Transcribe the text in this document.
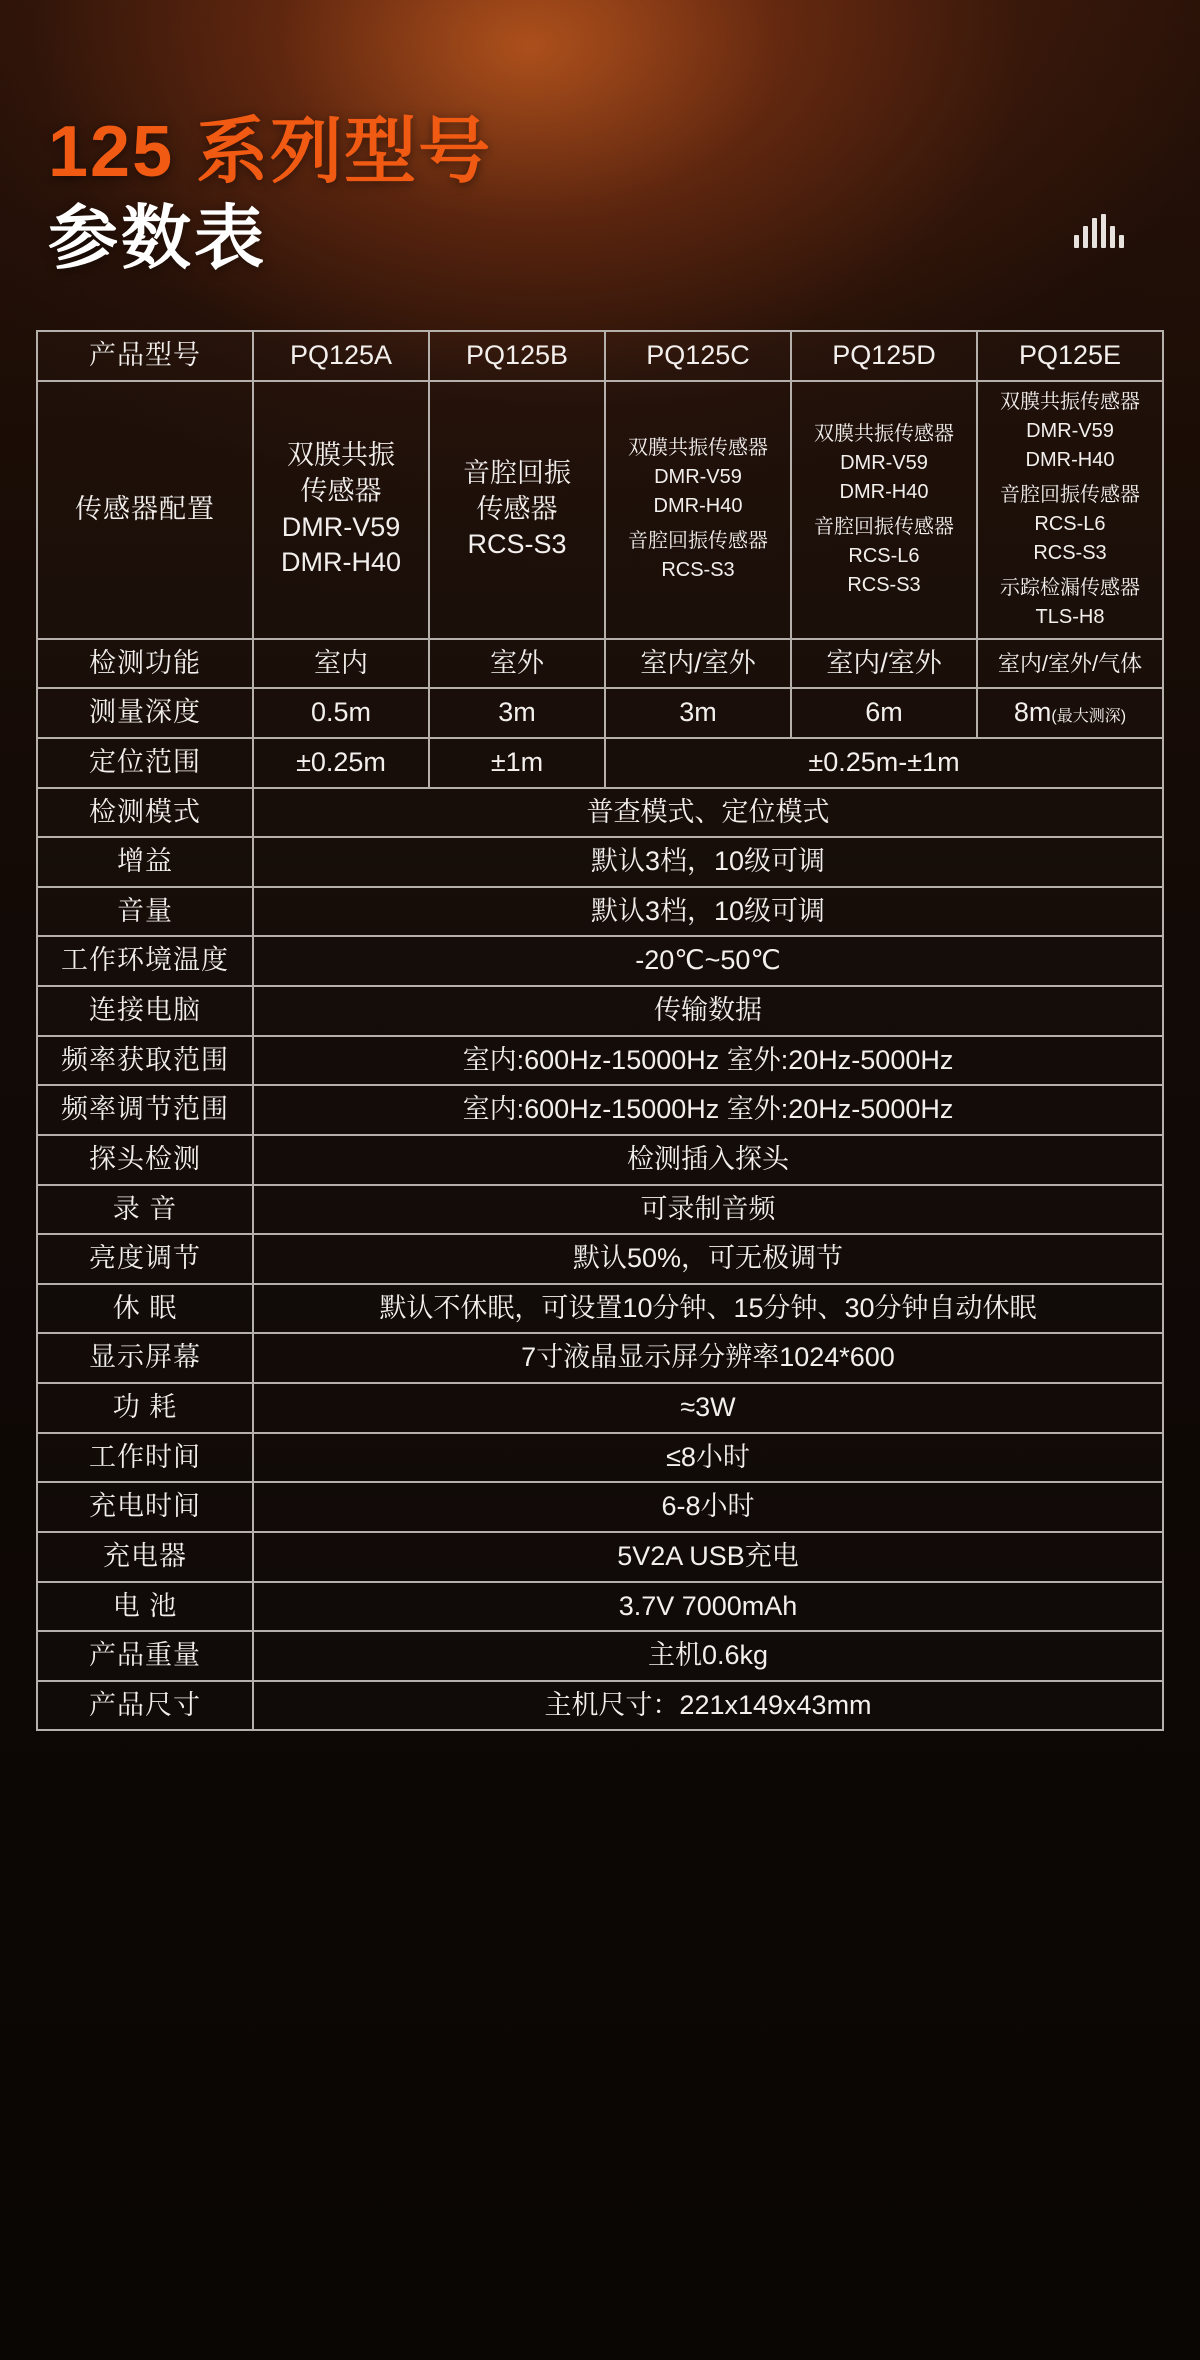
125 系列型号
参数表
产品型号	PQ125A	PQ125B	PQ125C	PQ125D	PQ125E
传感器配置	
双膜共振
传感器
DMR-V59
DMR-H40

音腔回振
传感器
RCS-S3

双膜共振传感器
DMR-V59
DMR-H40
音腔回振传感器
RCS-S3

双膜共振传感器
DMR-V59
DMR-H40
音腔回振传感器
RCS-L6
RCS-S3

双膜共振传感器
DMR-V59
DMR-H40
音腔回振传感器
RCS-L6
RCS-S3
示踪检漏传感器
TLS-H8

检测功能	室内	室外	室内/室外	室内/室外	室内/室外/气体
测量深度	0.5m	3m	3m	6m	8m(最大测深)
定位范围	±0.25m	±1m	±0.25m-±1m		
检测模式	普查模式、定位模式				
增益	默认3档，10级可调				
音量	默认3档，10级可调				
工作环境温度	-20℃~50℃				
连接电脑	传输数据				
频率获取范围	室内:600Hz-15000Hz 室外:20Hz-5000Hz				
频率调节范围	室内:600Hz-15000Hz 室外:20Hz-5000Hz				
探头检测	检测插入探头				
录 音	可录制音频				
亮度调节	默认50%，可无极调节				
休 眠	默认不休眠，可设置10分钟、15分钟、30分钟自动休眠				
显示屏幕	7寸液晶显示屏分辨率1024*600				
功 耗	≈3W				
工作时间	≤8小时				
充电时间	6-8小时				
充电器	5V2A USB充电				
电 池	3.7V 7000mAh				
产品重量	主机0.6kg				
产品尺寸	主机尺寸：221x149x43mm				
